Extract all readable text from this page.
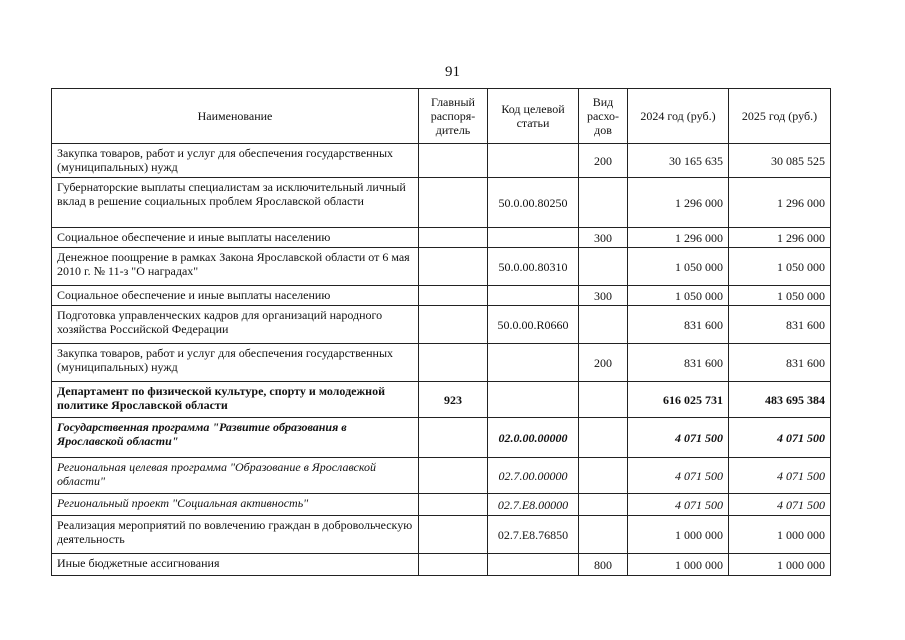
91
Наименование	Главный распоря-дитель	Код целевой статьи	Вид расхо-дов	2024 год (руб.)	2025 год (руб.)
Закупка товаров, работ и услуг для обеспечения государственных (муниципальных) нужд			200	30 165 635	30 085 525
Губернаторские выплаты специалистам за исключительный личный вклад в решение социальных проблем Ярославской области		50.0.00.80250		1 296 000	1 296 000
Социальное обеспечение и иные выплаты населению			300	1 296 000	1 296 000
Денежное поощрение в рамках Закона Ярославской области от 6 мая 2010 г. № 11-з "О наградах"		50.0.00.80310		1 050 000	1 050 000
Социальное обеспечение и иные выплаты населению			300	1 050 000	1 050 000
Подготовка управленческих кадров для организаций народного хозяйства Российской Федерации		50.0.00.R0660		831 600	831 600
Закупка товаров, работ и услуг для обеспечения государственных (муниципальных) нужд			200	831 600	831 600
Департамент по физической культуре, спорту и молодежной политике Ярославской области	923			616 025 731	483 695 384
Государственная программа "Развитие образования в Ярославской области"		02.0.00.00000		4 071 500	4 071 500
Региональная целевая программа "Образование в Ярославской области"		02.7.00.00000		4 071 500	4 071 500
Региональный проект "Социальная активность"		02.7.E8.00000		4 071 500	4 071 500
Реализация мероприятий по вовлечению граждан в добровольческую деятельность		02.7.E8.76850		1 000 000	1 000 000
Иные бюджетные ассигнования			800	1 000 000	1 000 000
